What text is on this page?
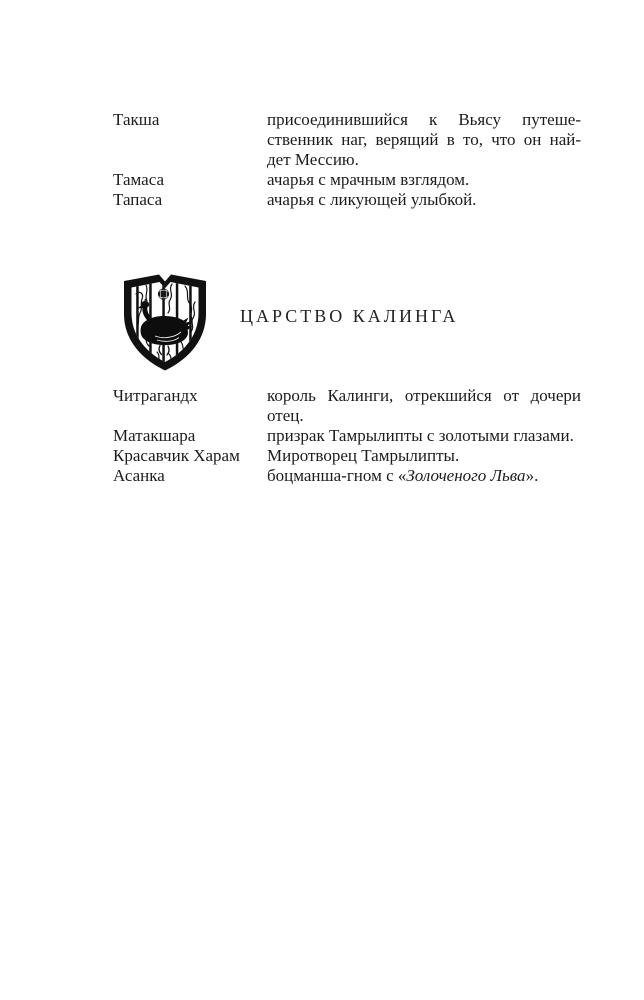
Такша	присоединившийся к Вьясу путеше-
ственник наг, верящий в то, что он най-
дет Мессию.
Тамаса	ачарья с мрачным взглядом.
Тапаса	ачарья с ликующей улыбкой.
ЦАРСТВО КАЛИНГА
Читрагандх	король Калинги, отрекшийся от дочери
отец.
Матакшара	призрак Тамрылипты с золотыми глазами.
Красавчик Харам	Миротворец Тамрылипты.
Асанка	боцманша-гном с «Золоченого Льва».
